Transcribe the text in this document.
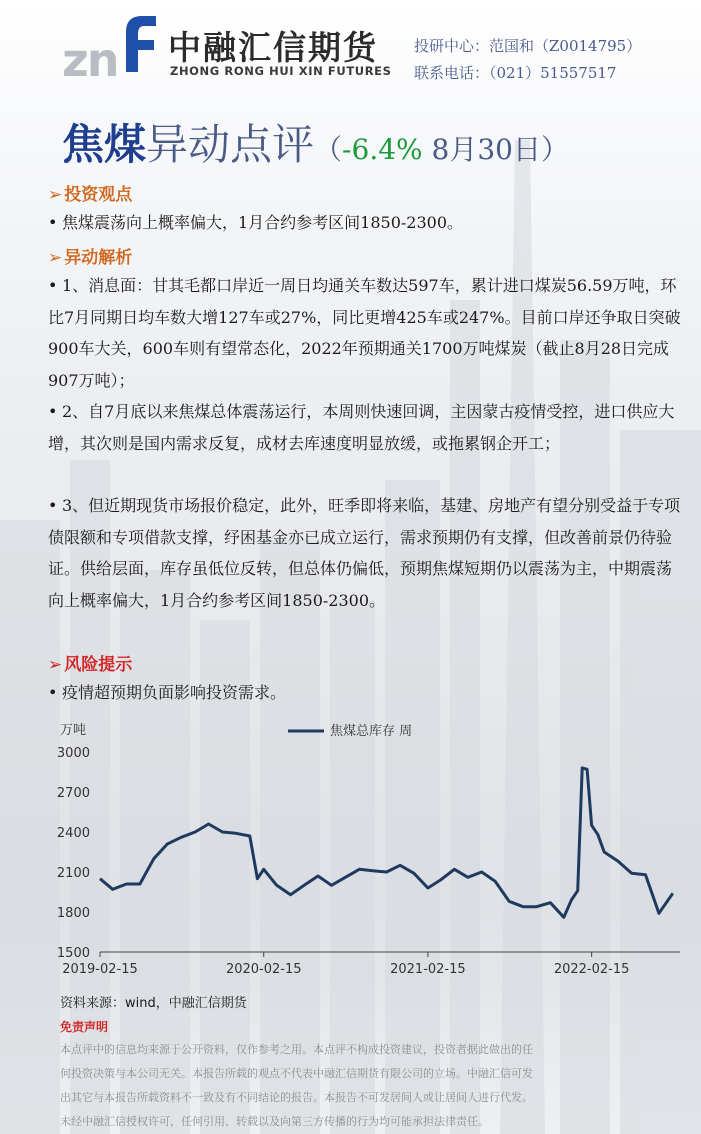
zn 中融汇信期货
ZHONG RONG HUI XIN FUTURES
投研中心：范国和（Z0014795）
联系电话：（021）51557517
焦煤异动点评（-6.4% 8月30日）
➢ 投资观点
• 焦煤震荡向上概率偏大，1月合约参考区间1850-2300。
➢ 异动解析
• 1、消息面：甘其毛都口岸近一周日均通关车数达597车，累计进口煤炭56.59万吨，环比7月同期日均车数大增127车或27%，同比更增425车或247%。目前口岸还争取日突破900车大关，600车则有望常态化，2022年预期通关1700万吨煤炭（截止8月28日完成907万吨）；
• 2、自7月底以来焦煤总体震荡运行，本周则快速回调，主因蒙古疫情受控，进口供应大增，其次则是国内需求反复，成材去库速度明显放缓，或拖累钢企开工；
• 3、但近期现货市场报价稳定，此外，旺季即将来临，基建、房地产有望分别受益于专项债限额和专项借款支撑，纾困基金亦已成立运行，需求预期仍有支撑，但改善前景仍待验证。供给层面，库存虽低位反转，但总体仍偏低，预期焦煤短期仍以震荡为主，中期震荡向上概率偏大，1月合约参考区间1850-2300。
➢ 风险提示
• 疫情超预期负面影响投资需求。
万吨
1500
1800
2100
2400
2700
3000
2019-02-15	2020-02-15	2021-02-15	2022-02-15
焦煤总库存 周
资料来源：wind，中融汇信期货
免责声明
本点评中的信息均来源于公开资料，仅作参考之用。本点评不构成投资建议，投资者据此做出的任
何投资决策与本公司无关。本报告所载的观点不代表中融汇信期货有限公司的立场。中融汇信可发
出其它与本报告所载资料不一致及有不同结论的报告。本报告不可发居间人或让居间人进行代发。
未经中融汇信授权许可，任何引用、转载以及向第三方传播的行为均可能承担法律责任。
